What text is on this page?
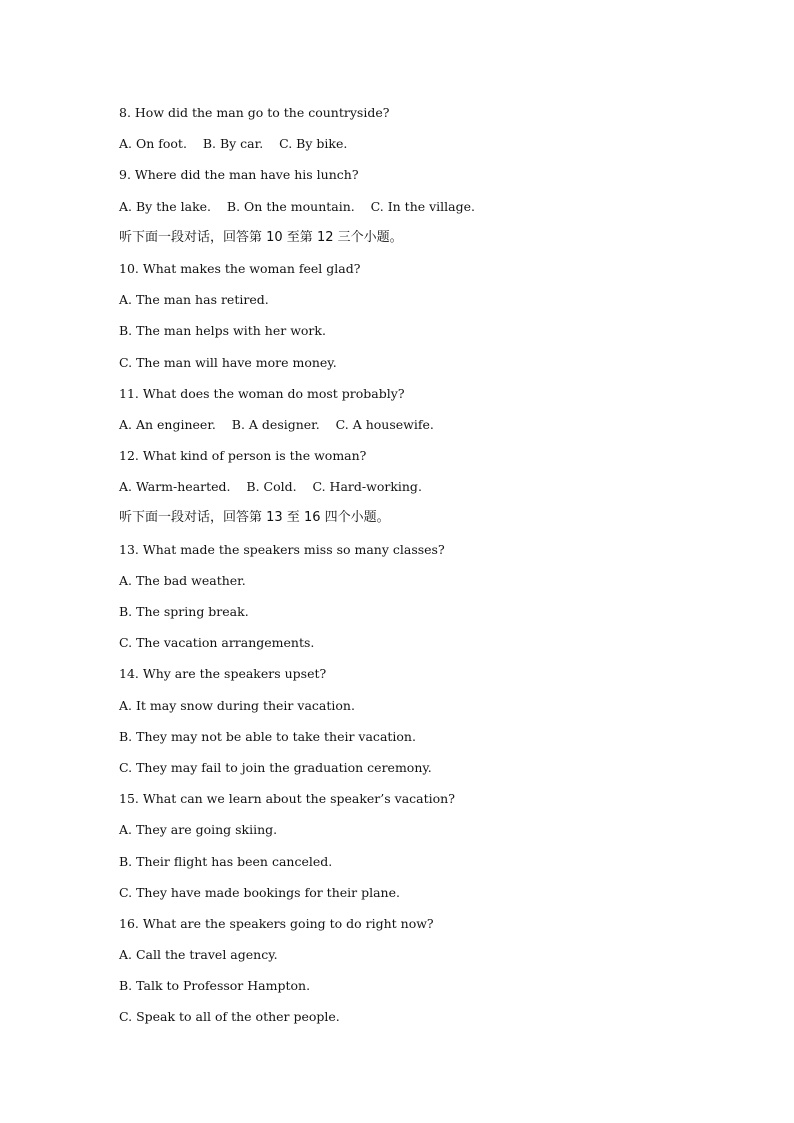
8. How did the man go to the countryside?
A. On foot.    B. By car.    C. By bike.
9. Where did the man have his lunch?
A. By the lake.    B. On the mountain.    C. In the village.
听下面一段对话，回答第 10 至第 12 三个小题。
10. What makes the woman feel glad?
A. The man has retired.
B. The man helps with her work.
C. The man will have more money.
11. What does the woman do most probably?
A. An engineer.    B. A designer.    C. A housewife.
12. What kind of person is the woman?
A. Warm-hearted.    B. Cold.    C. Hard-working.
听下面一段对话，回答第 13 至 16 四个小题。
13. What made the speakers miss so many classes?
A. The bad weather.
B. The spring break.
C. The vacation arrangements.
14. Why are the speakers upset?
A. It may snow during their vacation.
B. They may not be able to take their vacation.
C. They may fail to join the graduation ceremony.
15. What can we learn about the speaker’s vacation?
A. They are going skiing.
B. Their flight has been canceled.
C. They have made bookings for their plane.
16. What are the speakers going to do right now?
A. Call the travel agency.
B. Talk to Professor Hampton.
C. Speak to all of the other people.
